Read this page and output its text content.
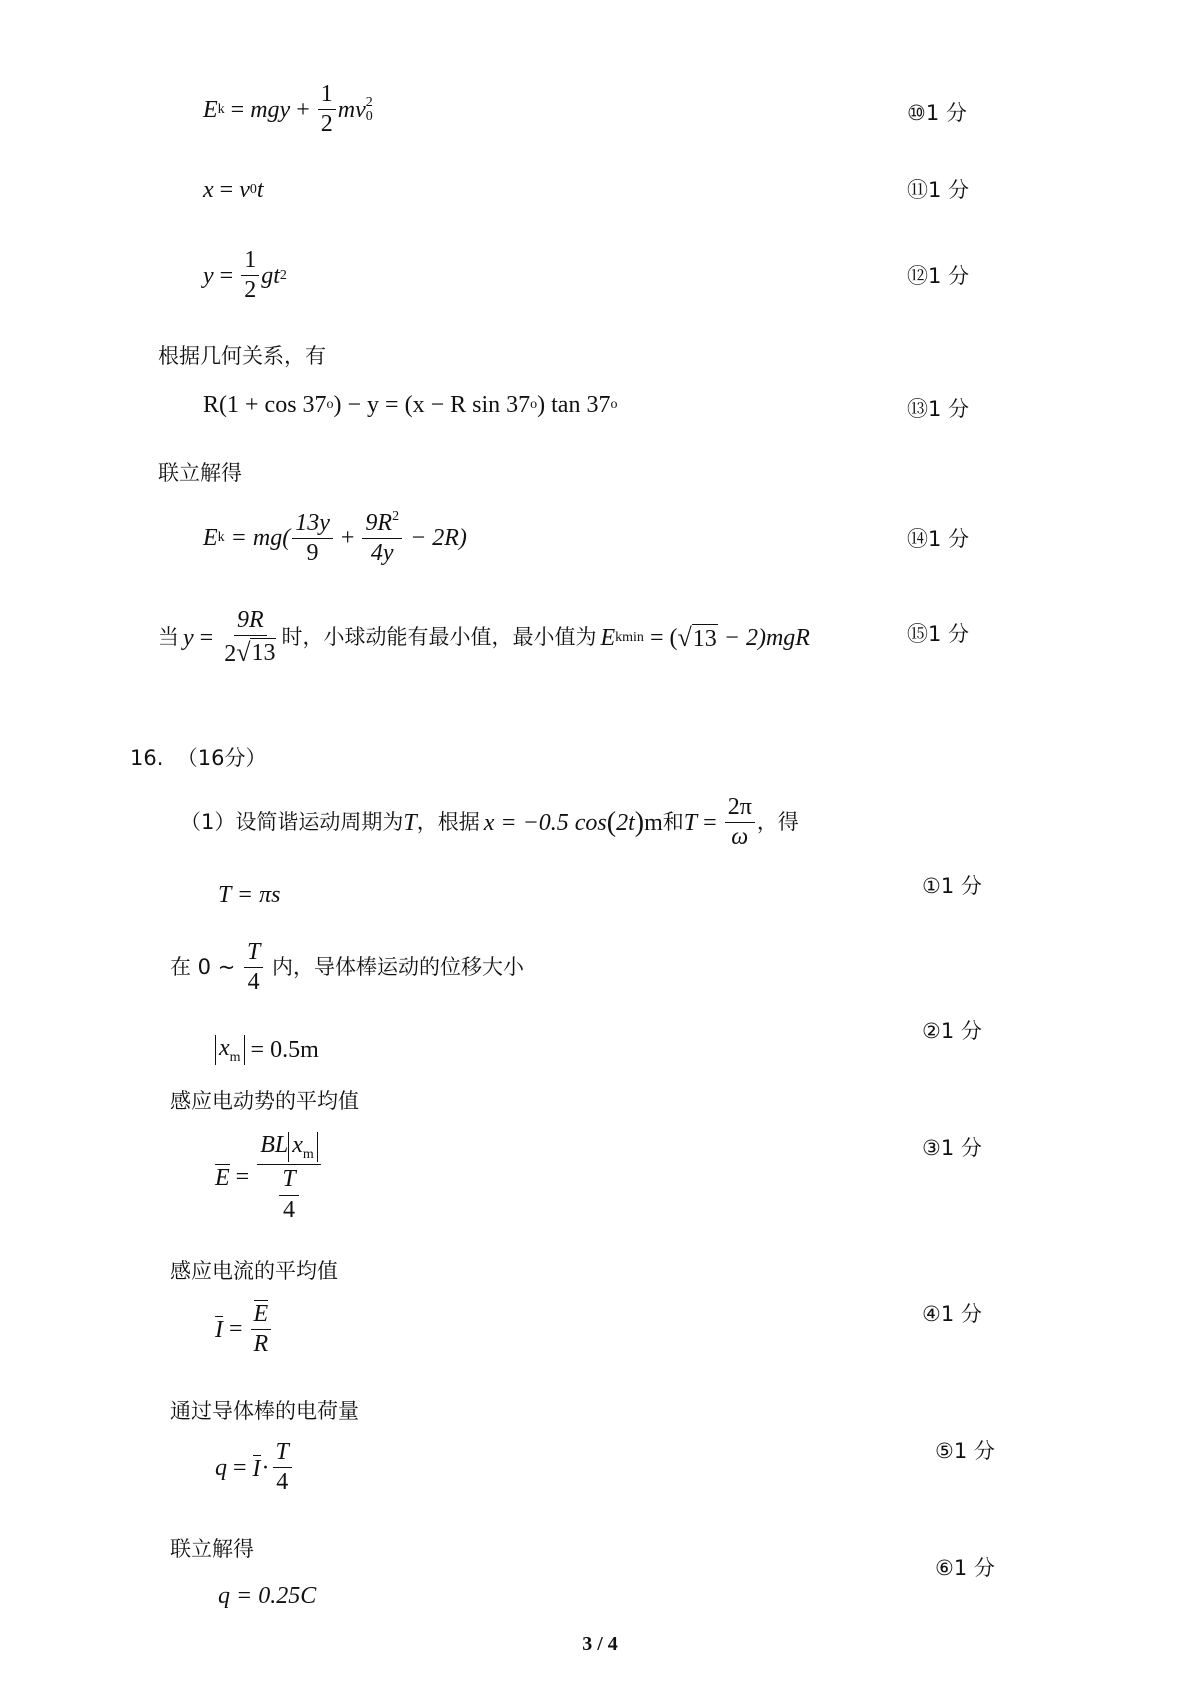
E k = mgy + $\frac{1}{2}$ m v 2
0	⑩1 分
x = v 0 t	⑪1 分
$y = \frac{1}{2}$ gt 2	⑫1 分
根据几何关系，有
R(1 + cos 37 o ) − y = (x − R sin 37 o ) tan 37 o	⑬1 分
联立解得
E $k = mg( \frac{13y}{9} + \frac{9R^2}{4y} - 2R)$	⑭1 分
当 $y = \frac{9R}{2 √ 13}$ 时，小球动能有最小值，最小值为 E kmin = ( √ 13 − 2)mgR	⑮1 分
16.  （16分）
（1）设简谐运动周期为 T ，根据 x = −0.5 cos ( 2t ) m 和 $T = \frac{2\pi}{\omega}$ ，得
T = πs	①1 分
在 0 ~ $\frac{T}{4}$ 内，导体棒运动的位移大小
$x_m = 0.5m$
②1 分
感应电动势的平均值
$E = \frac{BL x_m}{\frac{T}{4}}$	③1 分
感应电流的平均值
$I = \frac{E}{R}$	④1 分
通过导体棒的电荷量
$q = I \cdot \frac{T}{4}$	⑤1 分
联立解得
q = 0.25C
⑥1 分
3 / 4
